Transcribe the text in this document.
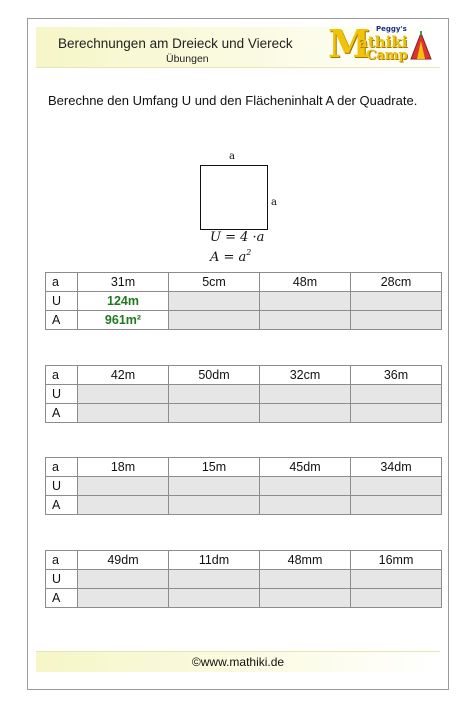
Berechnungen am Dreieck und Viereck
Übungen	M Peggy's
athiki
Camp
Berechne den Umfang U und den Flächeninhalt A der Quadrate.
a
a
U = 4 ·a
$A = a^2$
a	31m	5cm	48m	28cm
U	124m			
A	961m²			
a	42m	50dm	32cm	36m
U				
A				
a	18m	15m	45dm	34dm
U				
A				
a	49dm	11dm	48mm	16mm
U				
A				
©www.mathiki.de
